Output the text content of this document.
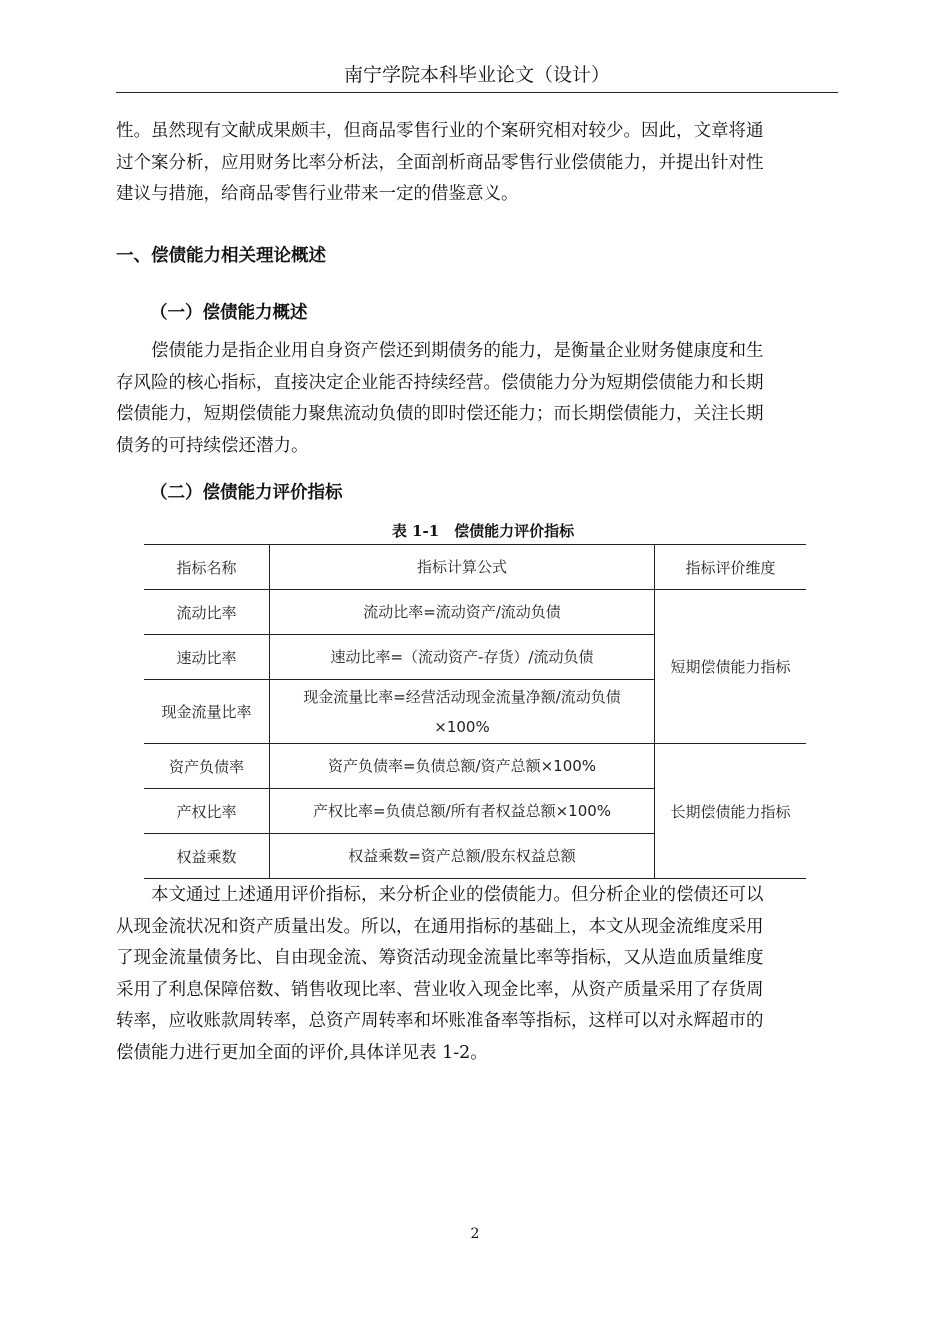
南宁学院本科毕业论文（设计）
性。虽然现有文献成果颇丰，但商品零售行业的个案研究相对较少。因此，文章将通
过个案分析，应用财务比率分析法，全面剖析商品零售行业偿债能力，并提出针对性
建议与措施，给商品零售行业带来一定的借鉴意义。
一、偿债能力相关理论概述
（一）偿债能力概述
偿债能力是指企业用自身资产偿还到期债务的能力，是衡量企业财务健康度和生
存风险的核心指标，直接决定企业能否持续经营。偿债能力分为短期偿债能力和长期
偿债能力，短期偿债能力聚焦流动负债的即时偿还能力；而长期偿债能力，关注长期
债务的可持续偿还潜力。
（二）偿债能力评价指标
表 1-1　偿债能力评价指标
指标名称	指标计算公式	指标评价维度
流动比率	流动比率=流动资产/流动负债	短期偿债能力指标
速动比率	速动比率=（流动资产-存货）/流动负债	
现金流量比率	现金流量比率=经营活动现金流量净额/流动负债
×100%	

资产负债率	资产负债率=负债总额/资产总额×100%	长期偿债能力指标
产权比率	产权比率=负债总额/所有者权益总额×100%	
权益乘数	权益乘数=资产总额/股东权益总额	
本文通过上述通用评价指标，来分析企业的偿债能力。但分析企业的偿债还可以
从现金流状况和资产质量出发。所以，在通用指标的基础上，本文从现金流维度采用
了现金流量债务比、自由现金流、筹资活动现金流量比率等指标，又从造血质量维度
采用了利息保障倍数、销售收现比率、营业收入现金比率，从资产质量采用了存货周
转率，应收账款周转率，总资产周转率和坏账准备率等指标，这样可以对永辉超市的
偿债能力进行更加全面的评价,具体详见表 1-2。
2
